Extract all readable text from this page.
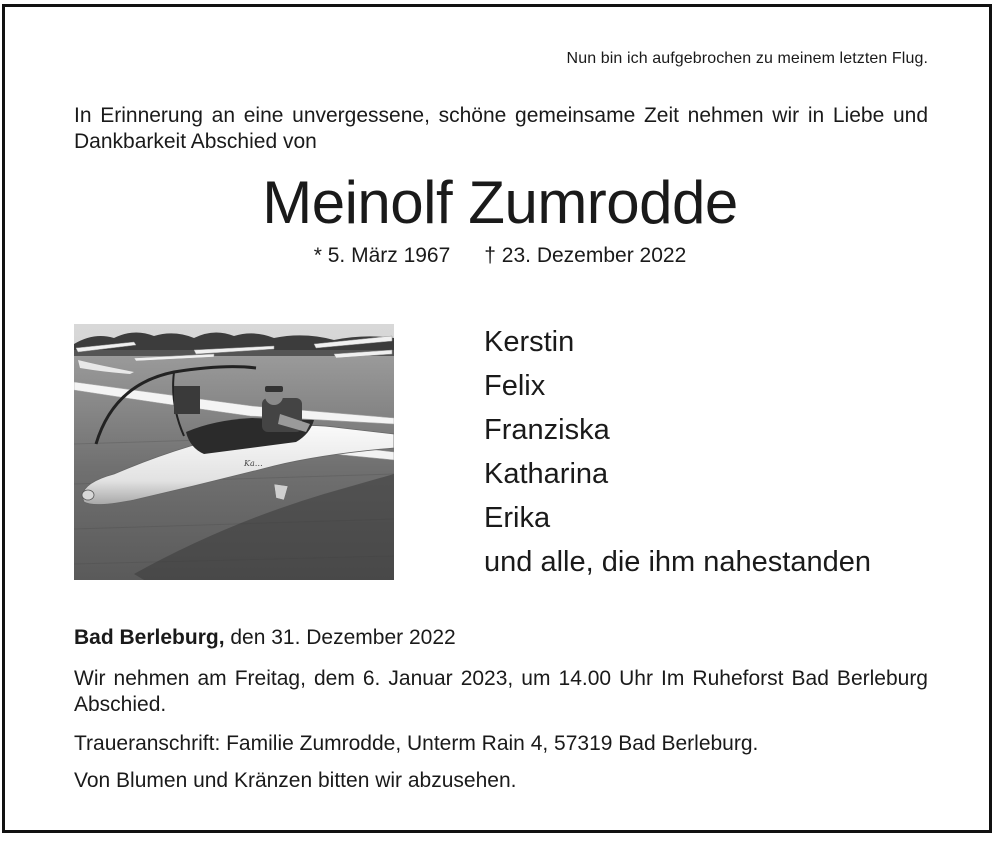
Nun bin ich aufgebrochen zu meinem letzten Flug.
In Erinnerung an eine unvergessene, schöne gemeinsame Zeit nehmen wir in Liebe und Dankbarkeit Abschied von
Meinolf Zumrodde
* 5. März 1967 † 23. Dezember 2022
Ka…
Kerstin
Felix
Franziska
Katharina
Erika
und alle, die ihm nahestanden
Bad Berleburg, den 31. Dezember 2022
Wir nehmen am Freitag, dem 6. Januar 2023, um 14.00 Uhr Im Ruheforst Bad Berleburg Abschied.
Traueranschrift: Familie Zumrodde, Unterm Rain 4, 57319 Bad Berleburg.
Von Blumen und Kränzen bitten wir abzusehen.
